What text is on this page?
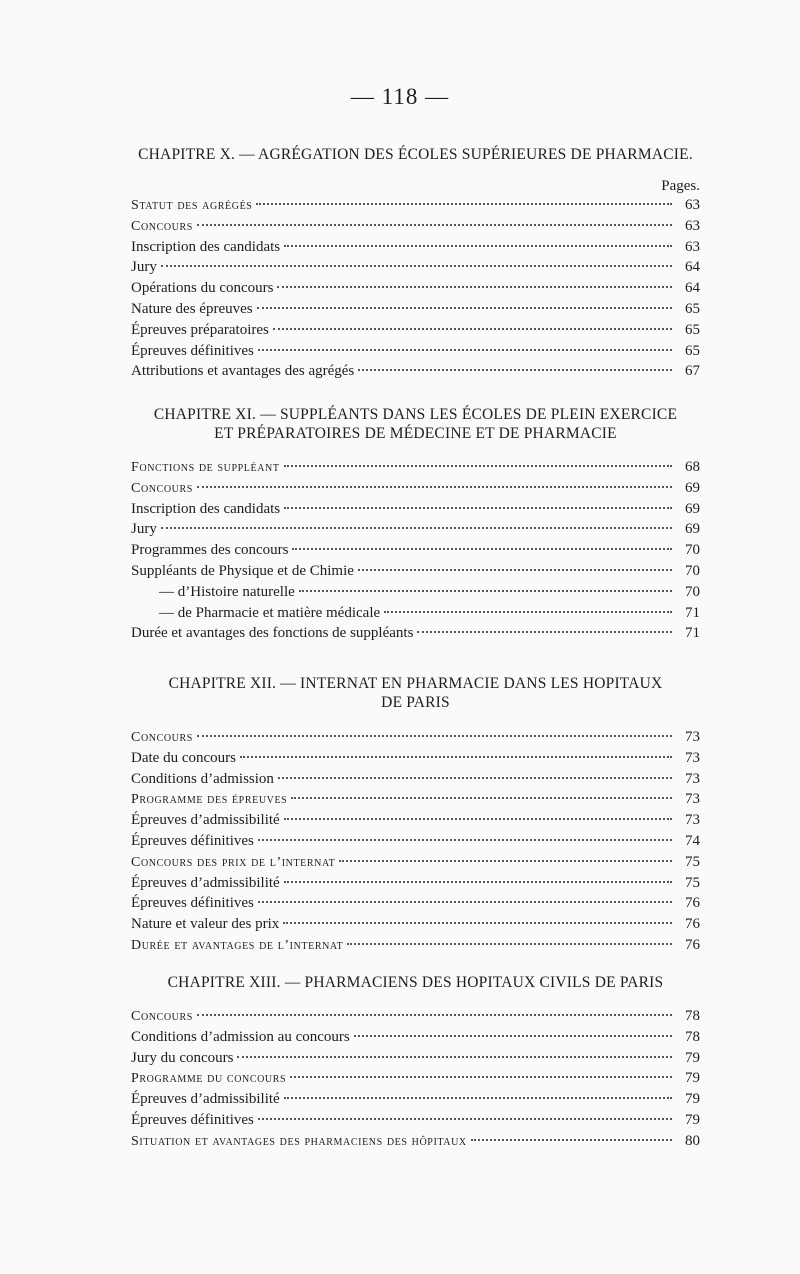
— 118 —
CHAPITRE X. — AGRÉGATION DES ÉCOLES SUPÉRIEURES DE PHARMACIE.
Pages.
Statut des agrégés	63
Concours	63
Inscription des candidats	63
Jury	64
Opérations du concours	64
Nature des épreuves	65
Épreuves préparatoires	65
Épreuves définitives	65
Attributions et avantages des agrégés	67
CHAPITRE XI. — SUPPLÉANTS DANS LES ÉCOLES DE PLEIN EXERCICE
ET PRÉPARATOIRES DE MÉDECINE ET DE PHARMACIE
Fonctions de suppléant	68
Concours	69
Inscription des candidats	69
Jury	69
Programmes des concours	70
Suppléants de Physique et de Chimie	70
— d’Histoire naturelle	70
— de Pharmacie et matière médicale	71
Durée et avantages des fonctions de suppléants	71
CHAPITRE XII. — INTERNAT EN PHARMACIE DANS LES HOPITAUX
DE PARIS
Concours	73
Date du concours	73
Conditions d’admission	73
Programme des épreuves	73
Épreuves d’admissibilité	73
Épreuves définitives	74
Concours des prix de l’internat	75
Épreuves d’admissibilité	75
Épreuves définitives	76
Nature et valeur des prix	76
Durée et avantages de l’internat	76
CHAPITRE XIII. — PHARMACIENS DES HOPITAUX CIVILS DE PARIS
Concours	78
Conditions d’admission au concours	78
Jury du concours	79
Programme du concours	79
Épreuves d’admissibilité	79
Épreuves définitives	79
Situation et avantages des pharmaciens des hôpitaux	80
